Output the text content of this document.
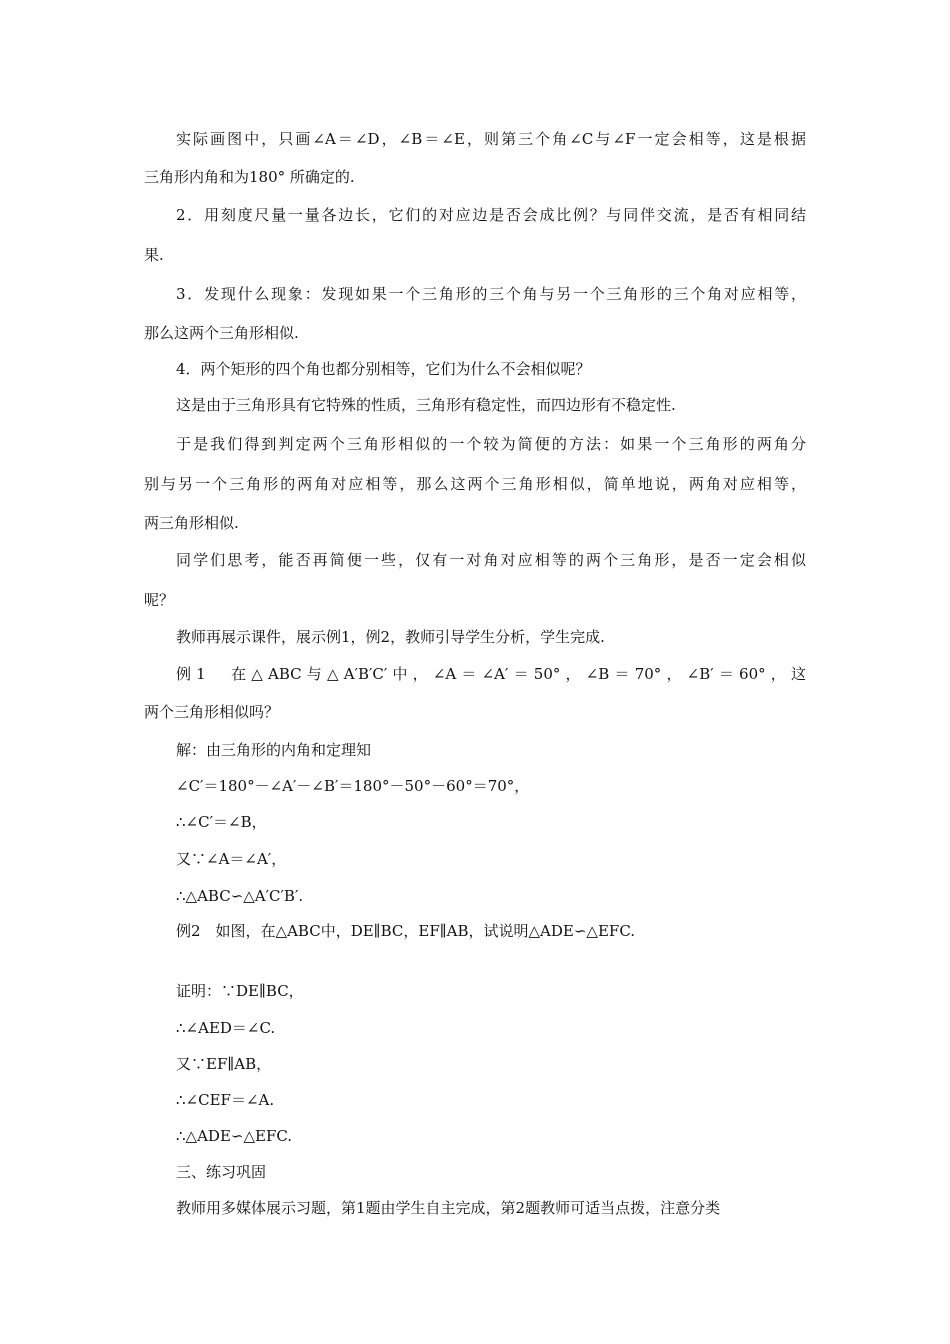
实际画图中，只画∠A＝∠D，∠B＝∠E，则第三个角∠C与∠F一定会相等，这是根据
三角形内角和为180° 所确定的.
2．用刻度尺量一量各边长，它们的对应边是否会成比例？与同伴交流，是否有相同结
果.
3．发现什么现象：发现如果一个三角形的三个角与另一个三角形的三个角对应相等，
那么这两个三角形相似.
4．两个矩形的四个角也都分别相等，它们为什么不会相似呢？
这是由于三角形具有它特殊的性质，三角形有稳定性，而四边形有不稳定性.
于是我们得到判定两个三角形相似的一个较为简便的方法：如果一个三角形的两角分
别与另一个三角形的两角对应相等，那么这两个三角形相似，简单地说，两角对应相等，
两三角形相似.
同学们思考，能否再简便一些，仅有一对角对应相等的两个三角形，是否一定会相似
呢？
教师再展示课件，展示例1，例2，教师引导学生分析，学生完成.
例1　在△ABC与△A′B′C′中，∠A＝∠A′＝50°，∠B＝70°，∠B′＝60°，这
两个三角形相似吗？
解：由三角形的内角和定理知
∠C′＝180°－∠A′－∠B′＝180°－50°－60°＝70°，
∴∠C′＝∠B，
又∵∠A＝∠A′，
∴△ABC∽△A′C′B′.
例2　如图，在△ABC中，DE∥BC，EF∥AB，试说明△ADE∽△EFC.
证明：∵DE∥BC，
∴∠AED＝∠C.
又∵EF∥AB，
∴∠CEF＝∠A.
∴△ADE∽△EFC.
三、练习巩固
教师用多媒体展示习题，第1题由学生自主完成，第2题教师可适当点拨，注意分类
